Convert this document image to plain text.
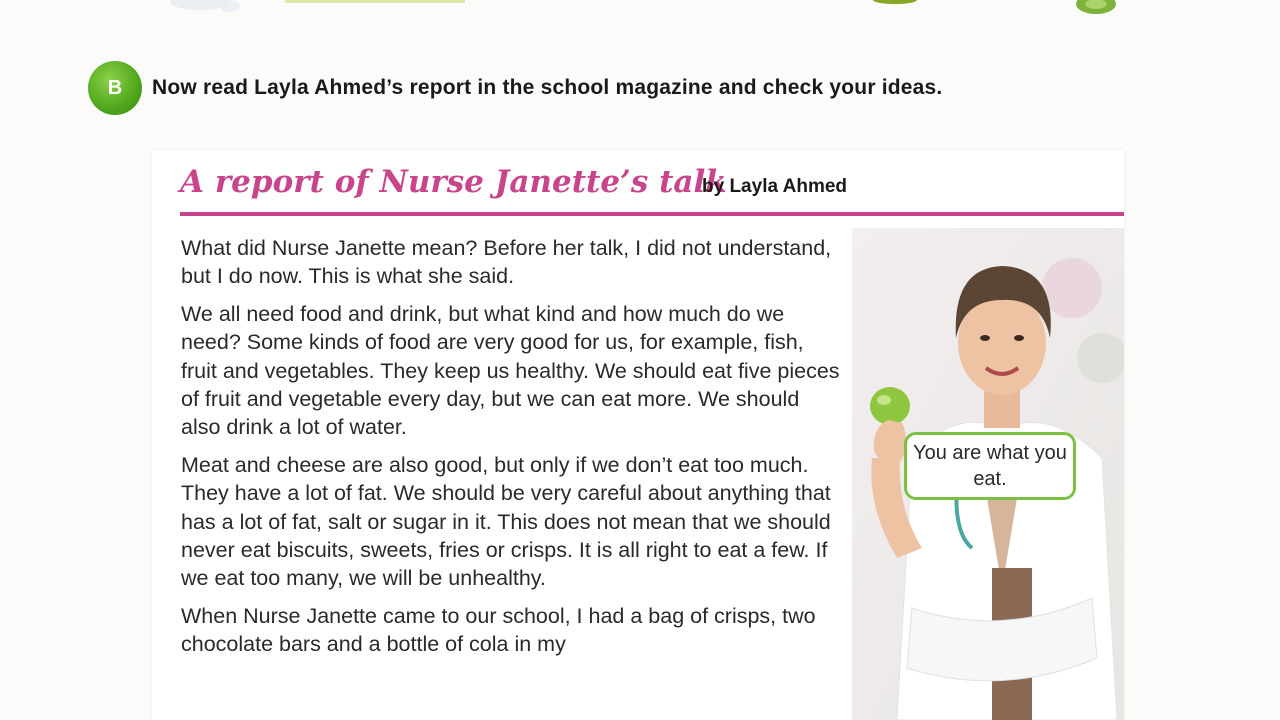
B Now read Layla Ahmed’s report in the school magazine and check your ideas.
A report of Nurse Janette’s talk
by Layla Ahmed

What did Nurse Janette mean? Before her talk, I did not understand, but I do now. This is what she said.

We all need food and drink, but what kind and how much do we need? Some kinds of food are very good for us, for example, fish, fruit and vegetables. They keep us healthy. We should eat five pieces of fruit and vegetable every day, but we can eat more. We should also drink a lot of water.

Meat and cheese are also good, but only if we don’t eat too much. They have a lot of fat. We should be very careful about anything that has a lot of fat, salt or sugar in it. This does not mean that we should never eat biscuits, sweets, fries or crisps. It is all right to eat a few. If we eat too many, we will be unhealthy.

When Nurse Janette came to our school, I had a bag of crisps, two chocolate bars and a bottle of cola in my

You are what you eat.
